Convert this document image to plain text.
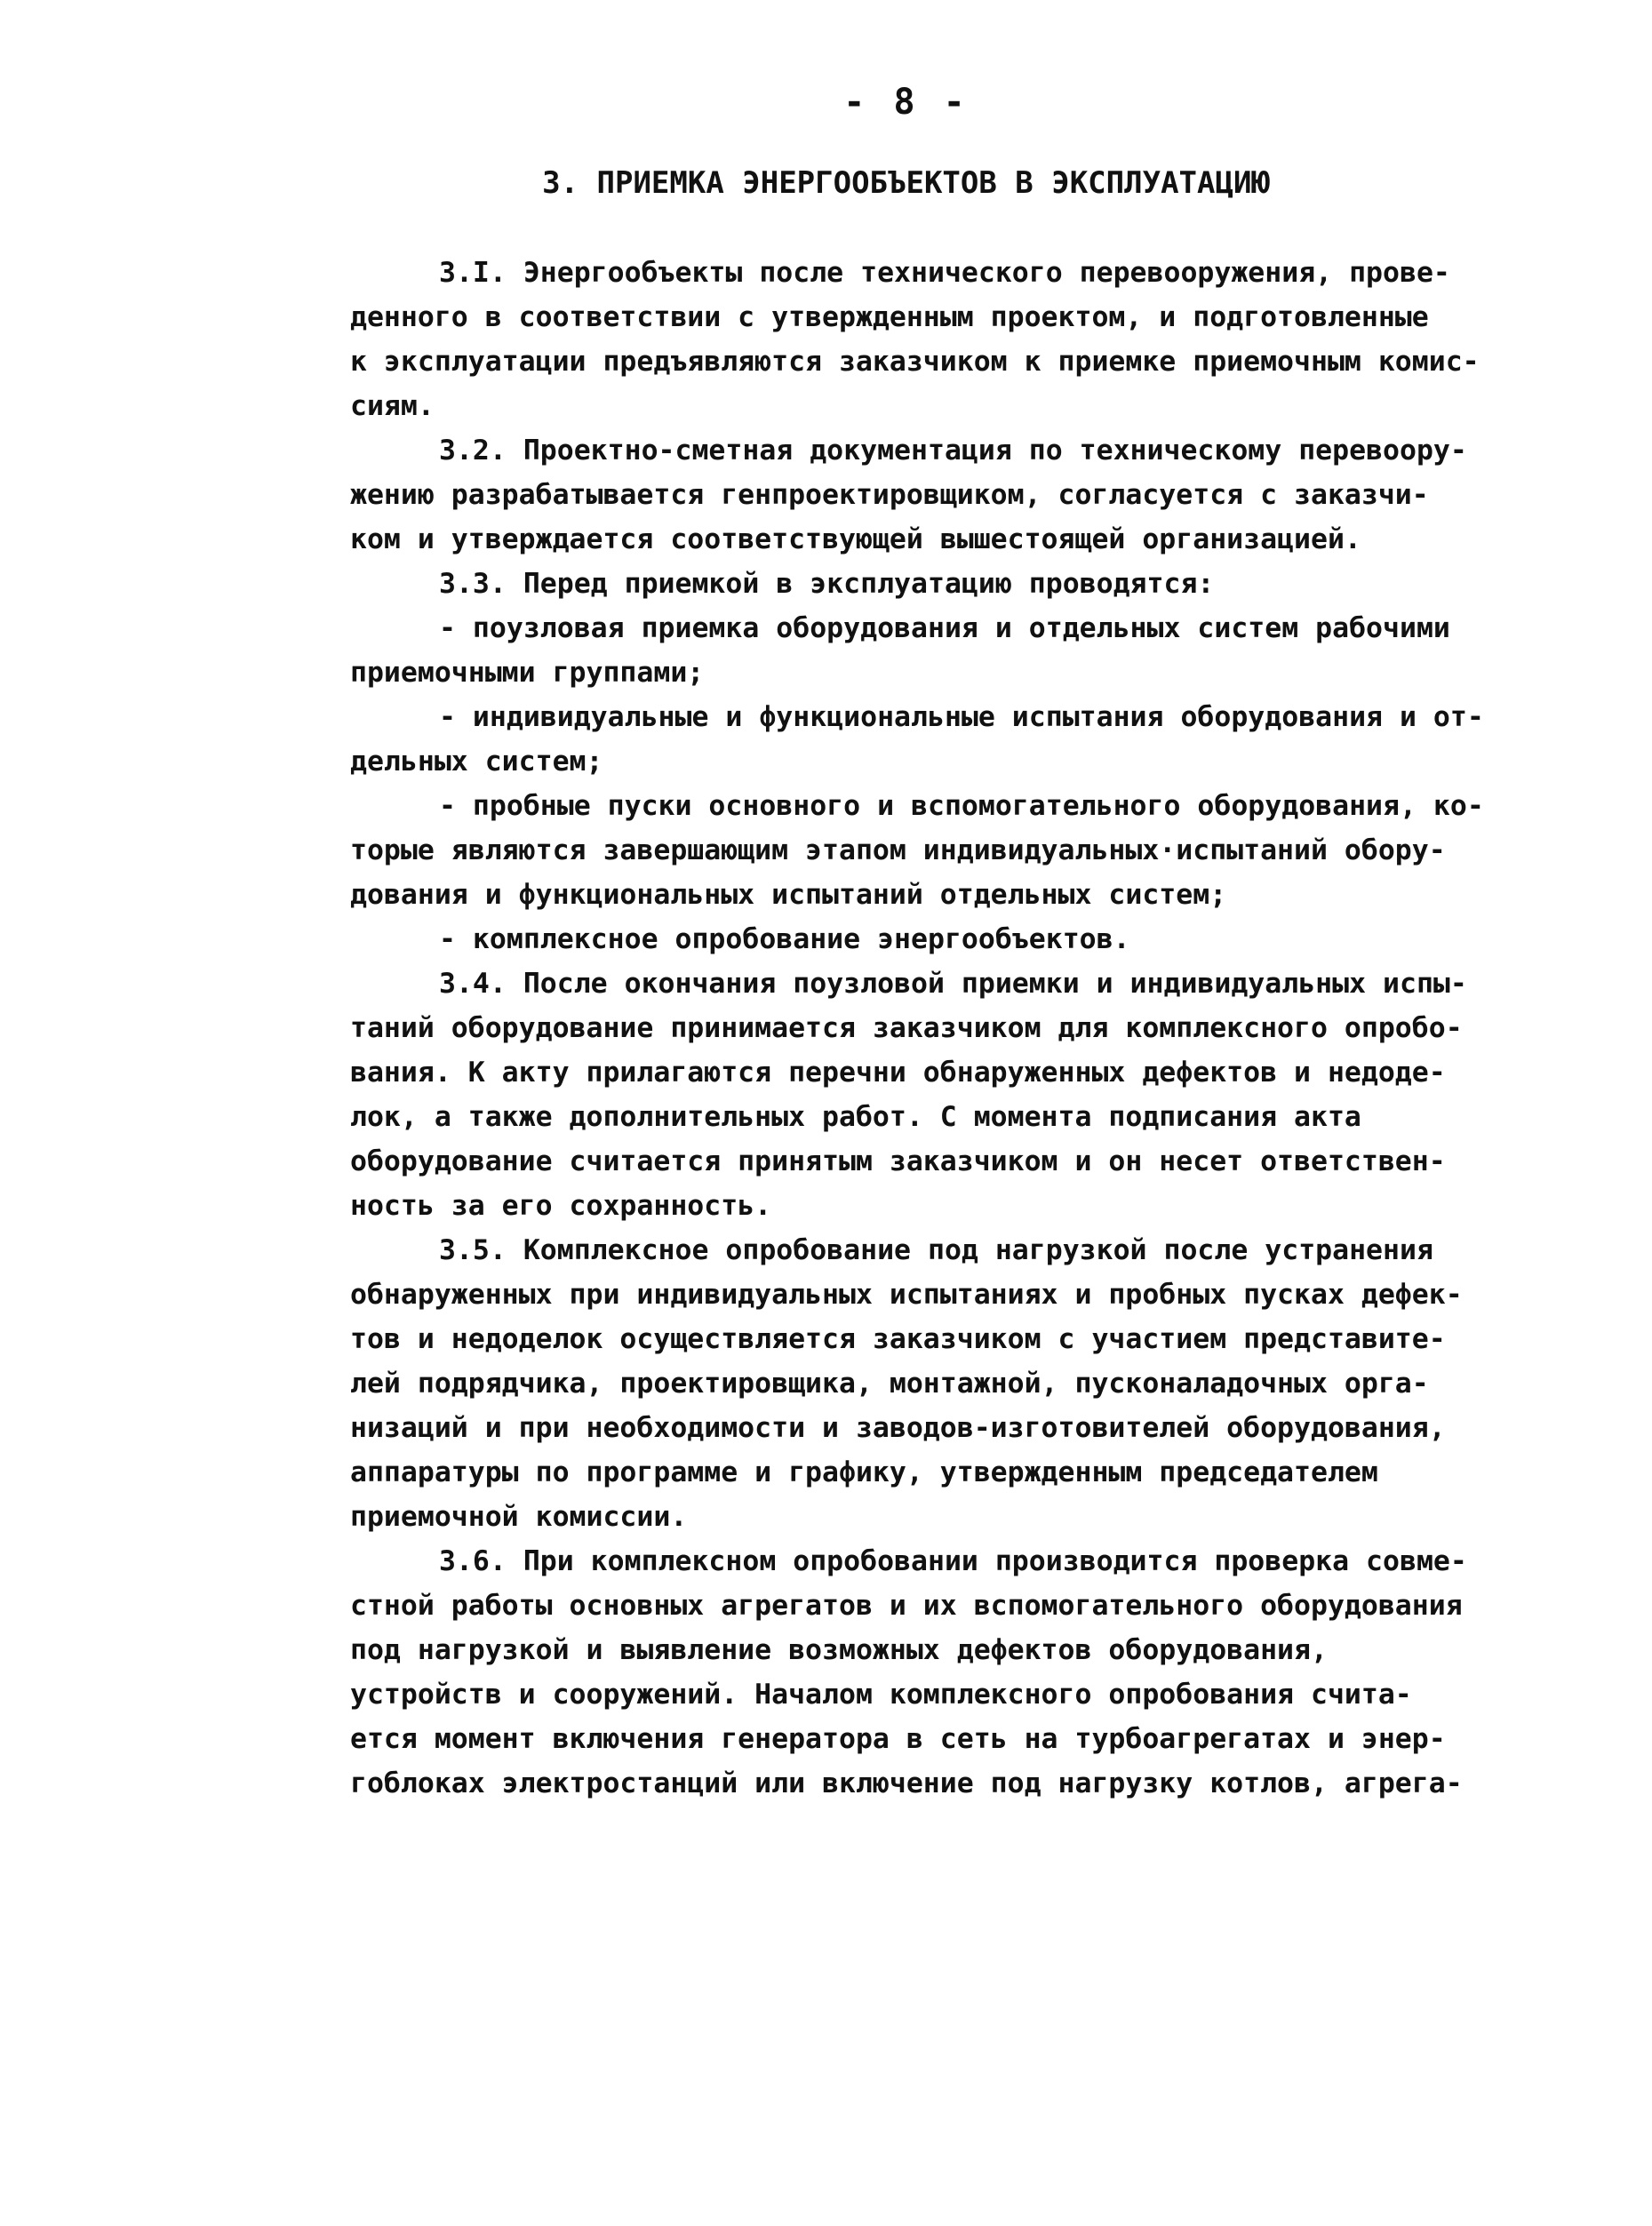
- 8 -
3. ПРИЕМКА ЭНЕРГООБЪЕКТОВ В ЭКСПЛУАТАЦИЮ
3.I. Энергообъекты после технического перевооружения, прове-
денного в соответствии с утвержденным проектом, и подготовленные
к эксплуатации предъявляются заказчиком к приемке приемочным комис-
сиям.
3.2. Проектно-сметная документация по техническому перевоору-
жению разрабатывается генпроектировщиком, согласуется с заказчи-
ком и утверждается соответствующей вышестоящей организацией.
3.3. Перед приемкой в эксплуатацию проводятся:
- поузловая приемка оборудования и отдельных систем рабочими
приемочными группами;
- индивидуальные и функциональные испытания оборудования и от-
дельных систем;
- пробные пуски основного и вспомогательного оборудования, ко-
торые являются завершающим этапом индивидуальных·испытаний обору-
дования и функциональных испытаний отдельных систем;
- комплексное опробование энергообъектов.
3.4. После окончания поузловой приемки и индивидуальных испы-
таний оборудование принимается заказчиком для комплексного опробо-
вания. К акту прилагаются перечни обнаруженных дефектов и недоде-
лок, а также дополнительных работ. С момента подписания акта
оборудование считается принятым заказчиком и он несет ответствен-
ность за его сохранность.
3.5. Комплексное опробование под нагрузкой после устранения
обнаруженных при индивидуальных испытаниях и пробных пусках дефек-
тов и недоделок осуществляется заказчиком с участием представите-
лей подрядчика, проектировщика, монтажной, пусконаладочных орга-
низаций и при необходимости и заводов-изготовителей оборудования,
аппаратуры по программе и графику, утвержденным председателем
приемочной комиссии.
3.6. При комплексном опробовании производится проверка совме-
стной работы основных агрегатов и их вспомогательного оборудования
под нагрузкой и выявление возможных дефектов оборудования,
устройств и сооружений. Началом комплексного опробования счита-
ется момент включения генератора в сеть на турбоагрегатах и энер-
гоблоках электростанций или включение под нагрузку котлов, агрега-
